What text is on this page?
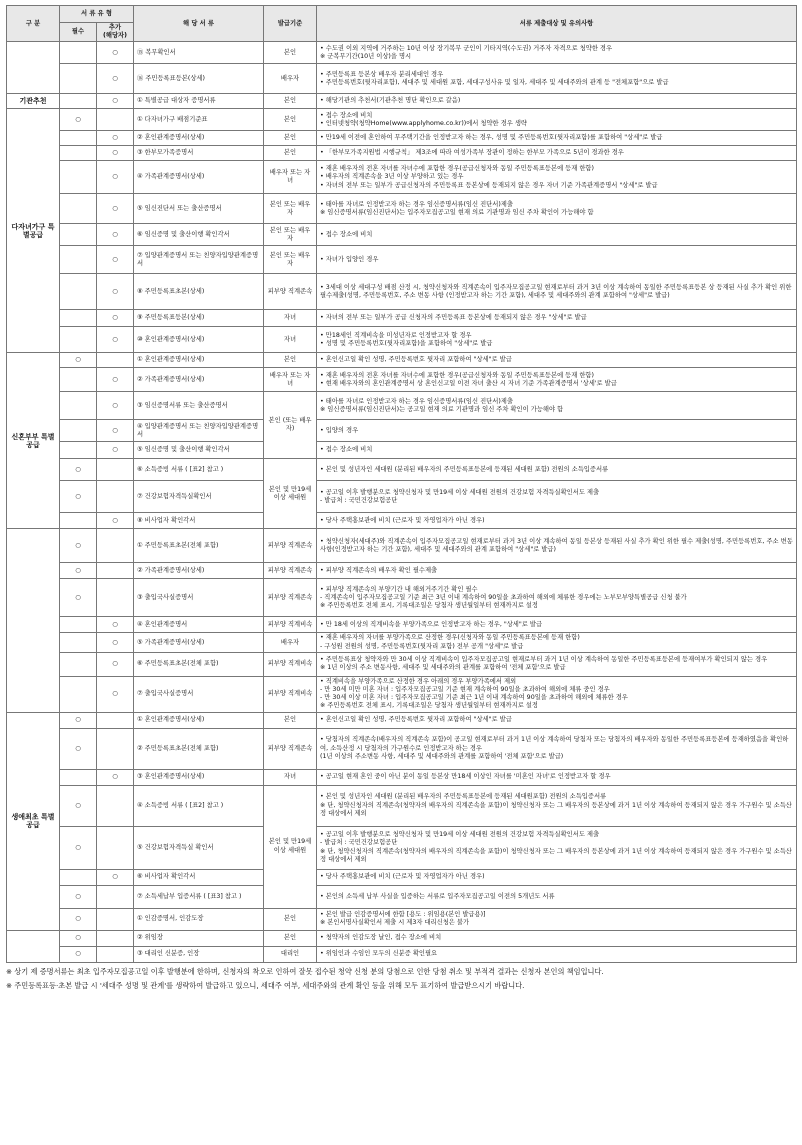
구 분	서 류 유 형		해 당 서 류	발급기준	서류 제출대상 및 유의사항
	필수	추가
(해당자)			

		○	⑮ 복무확인서	본인	• 수도권 이외 지역에 거주하는 10년 이상 장기복무 군인이 기타지역(수도권) 거주자 자격으로 청약한 경우
※ 군복무기간(10년 이상)을 명시

		○	⑯ 주민등록표등본(상세)	배우자	• 주민등록표 등본상 배우자 분리세대인 경우
• 주민등록번호(뒷자리포함), 세대주 및 세대원 포함, 세대구성사유 및 일자, 세대주 및 세대주와의 관계 등 "전체포함"으로 발급

기관추천		○	① 특별공급 대상자 증명서류	본인	• 해당기관의 추천서(기관추천 명단 확인으로 갈음)

다자녀가구 특별공급	○		① 다자녀가구 배점기준표	본인	• 접수 장소에 비치
• 인터넷청약(청약Home(www.applyhome.co.kr))에서 청약한 경우 생략

		○	② 혼인관계증명서(상세)	본인	• 만19세 이전에 혼인하여 무주택기간을 인정받고자 하는 경우, 성명 및 주민등록번호(뒷자리포함)를 포함하여 "상세"로 발급

		○	③ 한부모가족증명서	본인	• 「한부모가족지원법 시행규칙」 제3조에 따라 여성가족부 장관이 정하는 한부모 가족으로 5년이 경과한 경우

		○	④ 가족관계증명서(상세)	배우자 또는 자녀	• 재혼 배우자의 전혼 자녀를 자녀수에 포함한 경우(공급신청자와 동일 주민등록표등본에 등재 한함)
• 배우자의 직계존속을 3년 이상 부양하고 있는 경우
• 자녀의 전부 또는 일부가 공급신청자의 주민등록표 등본상에 등재되지 않은 경우 자녀 기준 가족관계증명서 "상세"로 발급

		○	⑤ 임신진단서 또는 출산증명서	본인 또는 배우자	• 태아를 자녀로 인정받고자 하는 경우 임신증명서류(임신 진단서)제출
※ 임신증명서류(임신진단서)는 입주자모집공고일 현재 의료 기관명과 임신 주차 확인이 가능해야 함

		○	⑥ 임신증명 및 출산이행 확인각서	본인 또는 배우자	• 접수 장소에 비치

		○	⑦ 입양관계증명서 또는 친양자입양관계증명서	본인 또는 배우자	• 자녀가 입양인 경우

		○	⑧ 주민등록표초본(상세)	피부양 직계존속	• 3세대 이상 세대구성 배점 산정 시, 청약신청자와 직계존속이 입주자모집공고일 현재로부터 과거 3년 이상 계속하여 동일한 주민등록표등본 상 등재된 사실 추가 확인 위한 필수제출(성명, 주민등록번호, 주소 변동 사항 (인정받고자 하는 기간 포함), 세대주 및 세대주와의 관계 포함하여 "상세"로 발급)

		○	⑨ 주민등록표등본(상세)	자녀	• 자녀의 전부 또는 일부가 공급 신청자의 주민등록표 등본상에 등재되지 않은 경우 "상세"로 발급

		○	⑩ 혼인관계증명서(상세)	자녀	• 만18세인 직계비속을 미성년자로 인정받고자 할 경우
• 성명 및 주민등록번호(뒷자리포함)을 포함하여 "상세"로 발급

신혼부부 특별공급	○		① 혼인관계증명서(상세)	본인	• 혼인신고일 확인 성명, 주민등록번호 뒷자리 포함하여 "상세"로 발급

		○	② 가족관계증명서(상세)	배우자 또는 자녀	• 재혼 배우자의 전혼 자녀를 자녀수에 포함한 경우(공급신청자와 동일 주민등록표등본에 등재 한함)
• 현재 배우자와의 혼인관계증명서 상 혼인신고일 이전 자녀 출산 시 자녀 기준 가족관계증명서 '상세'로 발급

		○	③ 임신증명서류 또는 출산증명서	본인 (또는 배우자)	• 태아를 자녀로 인정받고자 하는 경우 임신증명서류(임신 진단서)제출
※ 임신증명서류(임신진단서)는 공고일 현재 의료 기관명과 임신 주차 확인이 가능해야 함

		○	④ 입양관계증명서 또는 친양자입양관계증명서		• 입양의 경우

		○	⑤ 임신증명 및 출산이행 확인각서		• 접수 장소에 비치

	○		⑥ 소득증빙 서류 ( [표2] 참고 )	본인 및 만19세 이상 세대원	• 본인 및 성년자인 세대원 (분리된 배우자의 주민등록표등본에 등재된 세대원 포함) 전원의 소득입증서류

	○		⑦ 건강보험자격득실확인서		• 공고일 이후 발행분으로 청약신청자 및 만19세 이상 세대원 전원의 건강보험 자격득실확인서도 제출
- 발급처 : 국민건강보험공단

		○	⑧ 비사업자 확인각서		• 당사 주택홍보관에 비치 (근로자 및 자영업자가 아닌 경우)

	○		① 주민등록표초본(전체 포함)	피부양 직계존속	• 청약신청자(세대주)와 직계존속이 입주자모집공고일 현재로부터 과거 3년 이상 계속하여 동일 등본상 등재된 사실 추가 확인 위한 필수 제출(성명, 주민등록번호, 주소 변동 사항(인정받고자 하는 기간 포함), 세대주 및 세대주와의 관계 포함하여 "상세"로 발급)

	○		② 가족관계증명서(상세)	피부양 직계존속	• 피부양 직계존속의 배우자 확인 필수제출

	○		③ 출입국사실증명서	피부양 직계존속	• 피부양 직계존속의 부양기간 내 해외거주기간 확인 필수
- 직계존속이 입주자모집공고일 기준 최근 3년 이내 계속하여 90일을 초과하여 해외에 체류한 경우에는 노부모부양특별공급 신청 불가
※ 주민등록번호 전체 표시, 기록대조일은 당첨자 생년월일부터 현재까지로 설정

		○	④ 혼인관계증명서	피부양 직계비속	• 만 18세 이상의 직계비속을 부양가족으로 인정받고자 하는 경우, "상세"로 발급

		○	⑤ 가족관계증명서(상세)	배우자	• 재혼 배우자의 자녀를 부양가족으로 산정한 경우(신청자와 동일 주민등록표등본에 등재 한함)
- 구성원 전원의 성명, 주민등록번호(뒷자리 포함) 전부 공개 "상세"로 발급

		○	⑥ 주민등록표초본(전체 포함)	피부양 직계비속	• 주민등록표상 청약자와 만 30세 이상 직계비속이 입주자모집공고일 현재로부터 과거 1년 이상 계속하여 동일한 주민등록표등본에 등재여부가 확인되지 않는 경우
※ 1년 이상의 주소 변동사항, 세대주 및 세대주와의 관계를 포함하여 '전체 포함'으로 발급

		○	⑦ 출입국사실증명서	피부양 직계비속	• 직계비속을 부양가족으로 산정한 경우 아래의 경우 부양가족에서 제외
- 만 30세 미만 미혼 자녀 : 입주자모집공고일 기준 현재 계속하여 90일을 초과하여 해외에 체류 중인 경우
- 만 30세 이상 미혼 자녀 : 입주자모집공고일 기준 최근 1년 이내 계속하여 90일을 초과하여 해외에 체류한 경우
※ 주민등록번호 전체 표시, 기록대조일은 당첨자 생년월일부터 현재까지로 설정

생애최초 특별공급	○		① 혼인관계증명서(상세)	본인	• 혼인신고일 확인 성명, 주민등록번호 뒷자리 포함하여 "상세"로 발급

	○		② 주민등록표초본(전체 포함)	피부양 직계존속	• 당첨자의 직계존속(배우자의 직계존속 포함)이 공고일 현재로부터 과거 1년 이상 계속하여 당첨자 또는 당첨자의 배우자와 동일한 주민등록표등본에 등재하였음을 확인하여, 소득산정 시 당첨자의 가구원수로 인정받고자 하는 경우
(1년 이상의 주소변동 사항, 세대주 및 세대주와의 관계를 포함하여 '전체 포함'으로 발급)

		○	③ 혼인관계증명서(상세)	자녀	• 공고일 현재 혼인 중이 아닌 분이 동일 등본상 만18세 이상인 자녀를 '미혼인 자녀'로 인정받고자 할 경우

	○		④ 소득증빙 서류 ( [표2] 참고 )	본인 및 만19세 이상 세대원	• 본인 및 성년자인 세대원 (분리된 배우자의 주민등록표등본에 등재된 세대원포함) 전원의 소득입증서류
※ 단, 청약신청자의 직계존속(청약자의 배우자의 직계존속을 포함)이 청약신청자 또는 그 배우자의 등본상에 과거 1년 이상 계속하여 등재되지 않은 경우 가구원수 및 소득산정 대상에서 제외

	○		⑤ 건강보험자격득실 확인서		• 공고일 이후 발행분으로 청약신청자 및 만19세 이상 세대원 전원의 건강보험 자격득실확인서도 제출
- 발급처 : 국민건강보험공단
※ 단, 청약신청자의 직계존속(청약자의 배우자의 직계존속을 포함)이 청약신청자 또는 그 배우자의 등본상에 과거 1년 이상 계속하여 등재되지 않은 경우 가구원수 및 소득산정 대상에서 제외

		○	⑥ 비사업자 확인각서		• 당사 주택홍보관에 비치 (근로자 및 자영업자가 아닌 경우)

	○		⑦ 소득세납부 입증서류 ( [표3] 참고 )		• 본인의 소득세 납부 사실을 입증하는 서류로 입주자모집공고일 이전의 5개년도 서류

	○		① 인감증명서, 인감도장	본인	• 본인 발급 인감증명서에 한함 [용도 : 위임용(본인 발급용)]
※ 본인서명사실확인서 제출 시 제3자 대리신청은 불가

	○		② 위임장	본인	• 청약자의 인감도장 날인, 접수 장소에 비치

	○		③ 대리인 신분증, 인장	대리인	• 위임인과 수임인 모두의 신분증 확인필요
※ 상기 제 증명서류는 최초 입주자모집공고일 이후 발행분에 한하며, 신청자의 착오로 인하여 잘못 접수된 청약 신청 분의 당첨으로 인한 당첨 취소 및 부적격 결과는 신청자 본인의 책임입니다.
※ 주민등록표등·초본 발급 시 '세대주 성명 및 관계'를 생략하여 발급하고 있으니, 세대주 여부, 세대주와의 관계 확인 등을 위해 모두 표기하여 발급받으시기 바랍니다.
